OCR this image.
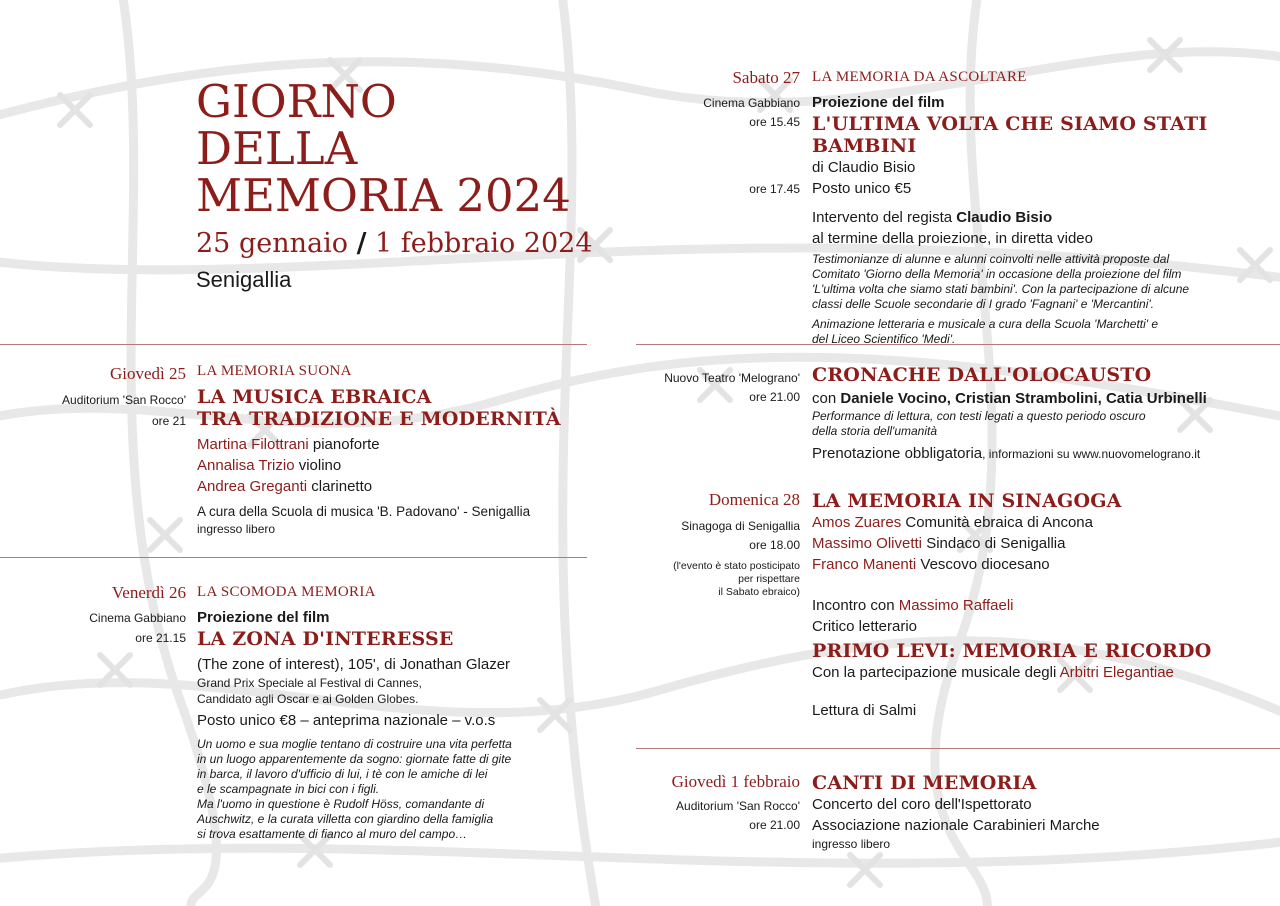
GIORNO
DELLA
MEMORIA 2024
25 gennaio / 1 febbraio 2024
Senigallia
Giovedì 25
Auditorium 'San Rocco'
ore 21
LA MEMORIA SUONA
LA MUSICA EBRAICA
TRA TRADIZIONE E MODERNITÀ
Martina Filottrani pianoforte
Annalisa Trizio violino
Andrea Greganti clarinetto
A cura della Scuola di musica 'B. Padovano' - Senigallia
ingresso libero
Venerdì 26
Cinema Gabbiano
ore 21.15
LA SCOMODA MEMORIA
Proiezione del film
LA ZONA D'INTERESSE
(The zone of interest), 105', di Jonathan Glazer
Grand Prix Speciale al Festival di Cannes,
Candidato agli Oscar e ai Golden Globes.
Posto unico €8 – anteprima nazionale – v.o.s
Un uomo e sua moglie tentano di costruire una vita perfetta
in un luogo apparentemente da sogno: giornate fatte di gite
in barca, il lavoro d'ufficio di lui, i tè con le amiche di lei
e le scampagnate in bici con i figli.
Ma l'uomo in questione è Rudolf Höss, comandante di
Auschwitz, e la curata villetta con giardino della famiglia
si trova esattamente di fianco al muro del campo…
Sabato 27
Cinema Gabbiano
ore 15.45
ore 17.45
LA MEMORIA DA ASCOLTARE
Proiezione del film
L'ULTIMA VOLTA CHE SIAMO STATI BAMBINI
di Claudio Bisio
Posto unico €5
Intervento del regista Claudio Bisio
al termine della proiezione, in diretta video
Testimonianze di alunne e alunni coinvolti nelle attività proposte dal
Comitato 'Giorno della Memoria' in occasione della proiezione del film
'L'ultima volta che siamo stati bambini'. Con la partecipazione di alcune
classi delle Scuole secondarie di I grado 'Fagnani' e 'Mercantini'.
Animazione letteraria e musicale a cura della Scuola 'Marchetti' e
del Liceo Scientifico 'Medi'.
Nuovo Teatro 'Melograno'
ore 21.00
CRONACHE DALL'OLOCAUSTO
con Daniele Vocino, Cristian Strambolini, Catia Urbinelli
Performance di lettura, con testi legati a questo periodo oscuro
della storia dell'umanità
Prenotazione obbligatoria, informazioni su www.nuovomelograno.it
Domenica 28
Sinagoga di Senigallia
ore 18.00
(l'evento è stato posticipato
per rispettare
il Sabato ebraico)
LA MEMORIA IN SINAGOGA
Amos Zuares Comunità ebraica di Ancona
Massimo Olivetti Sindaco di Senigallia
Franco Manenti Vescovo diocesano
Incontro con Massimo Raffaeli
Critico letterario
PRIMO LEVI: MEMORIA E RICORDO
Con la partecipazione musicale degli Arbitri Elegantiae
Lettura di Salmi
Giovedì 1 febbraio
Auditorium 'San Rocco'
ore 21.00
CANTI DI MEMORIA
Concerto del coro dell'Ispettorato
Associazione nazionale Carabinieri Marche
ingresso libero
